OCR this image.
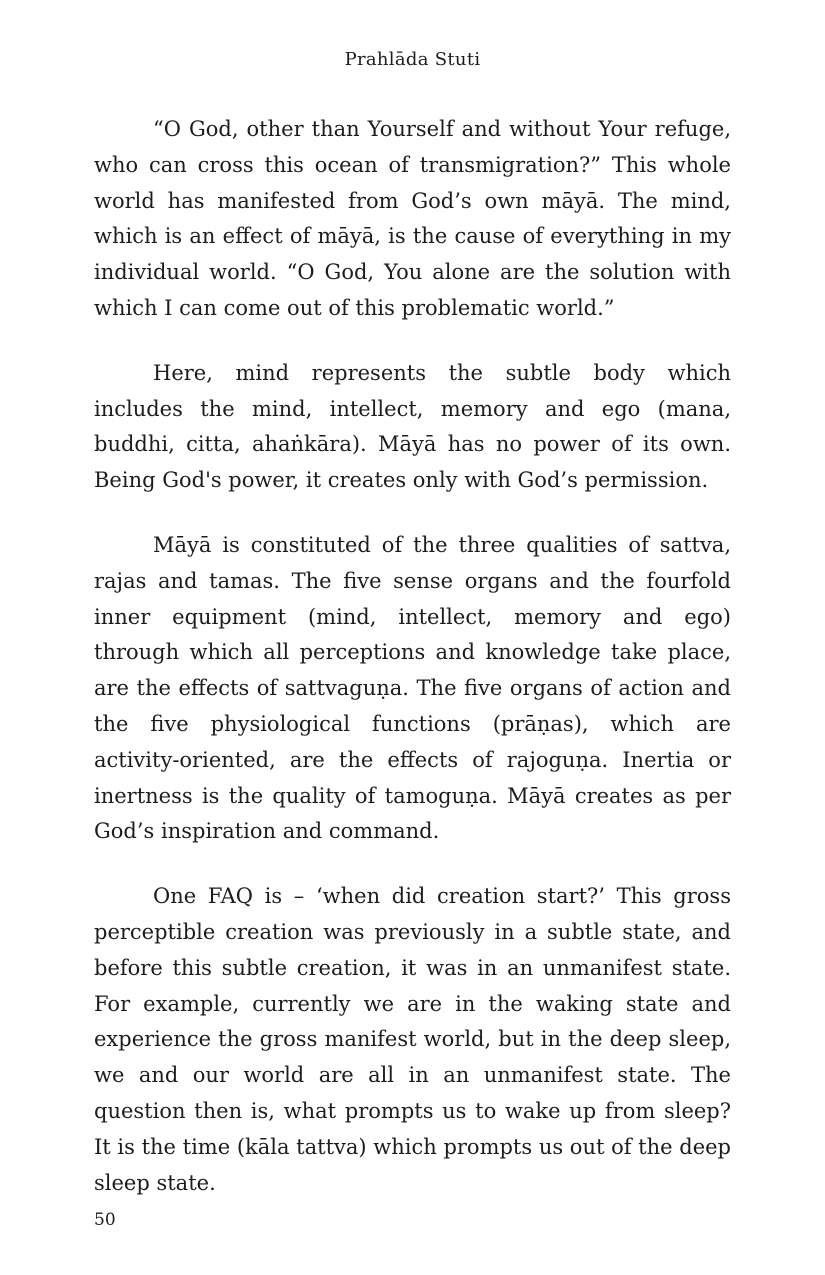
Prahlāda Stuti

“O God, other than Yourself and without Your refuge, who can cross this ocean of transmigration?” This whole world has manifested from God’s own māyā. The mind, which is an effect of māyā, is the cause of everything in my individual world. “O God, You alone are the solution with which I can come out of this problematic world.”

Here, mind represents the subtle body which includes the mind, intellect, memory and ego (mana, buddhi, citta, ahaṅkāra). Māyā has no power of its own. Being God's power, it creates only with God’s permission.

Māyā is constituted of the three qualities of sattva, rajas and tamas. The five sense organs and the fourfold inner equipment (mind, intellect, memory and ego) through which all perceptions and knowledge take place, are the effects of sattvaguṇa. The five organs of action and the five physiological functions (prāṇas), which are activity-oriented, are the effects of rajoguṇa. Inertia or inertness is the quality of tamoguṇa. Māyā creates as per God’s inspiration and command.

One FAQ is – ‘when did creation start?’ This gross perceptible creation was previously in a subtle state, and before this subtle creation, it was in an unmanifest state. For example, currently we are in the waking state and experience the gross manifest world, but in the deep sleep, we and our world are all in an unmanifest state. The question then is, what prompts us to wake up from sleep? It is the time (kāla tattva) which prompts us out of the deep sleep state.

50
